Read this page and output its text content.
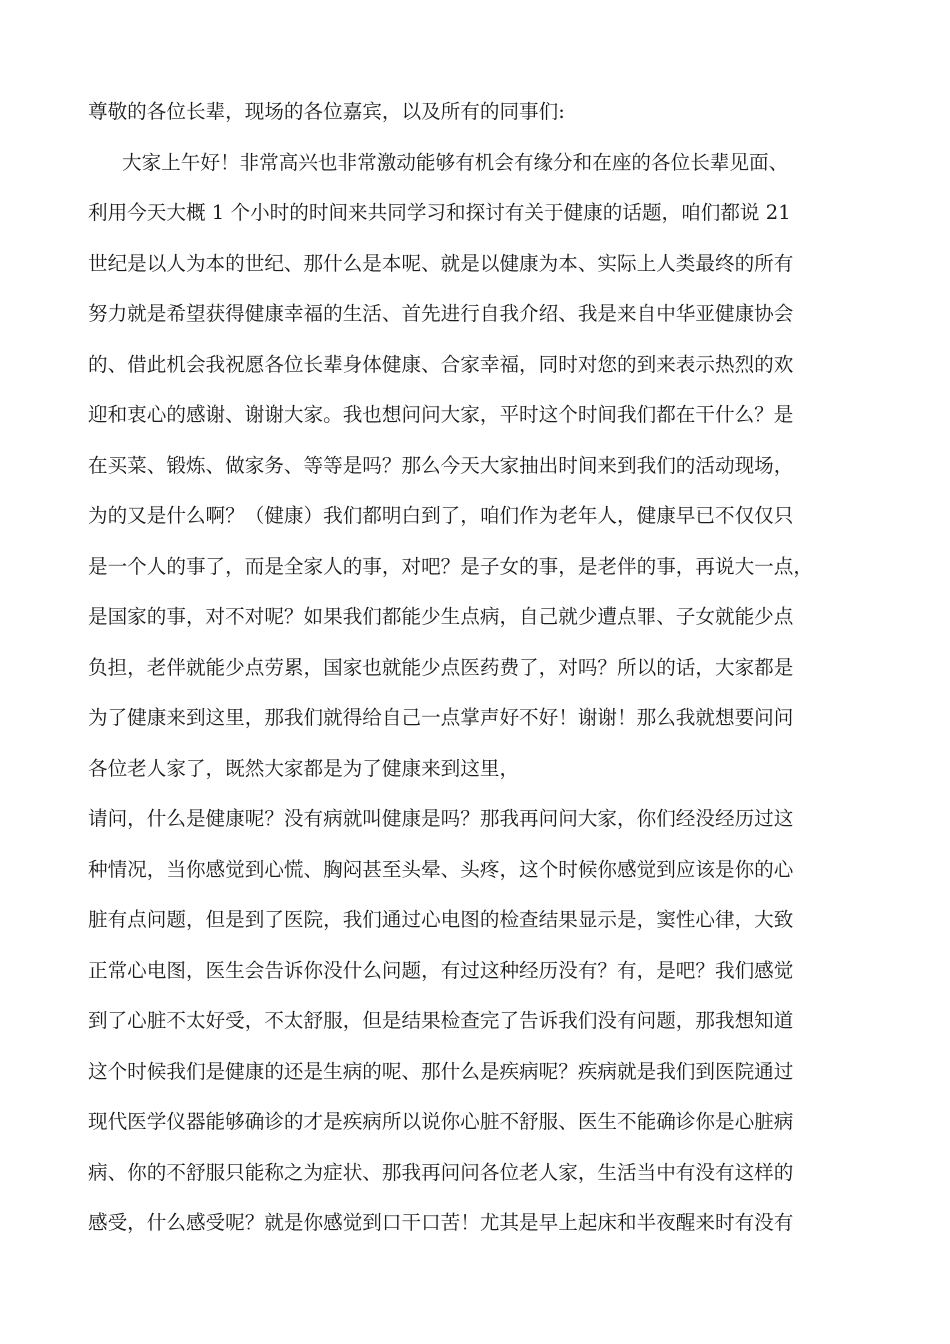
尊敬的各位长辈，现场的各位嘉宾，以及所有的同事们:

大家上午好！非常高兴也非常激动能够有机会有缘分和在座的各位长辈见面、

利用今天大概 1 个小时的时间来共同学习和探讨有关于健康的话题，咱们都说 21

世纪是以人为本的世纪、那什么是本呢、就是以健康为本、实际上人类最终的所有

努力就是希望获得健康幸福的生活、首先进行自我介绍、我是来自中华亚健康协会

的、借此机会我祝愿各位长辈身体健康、合家幸福，同时对您的到来表示热烈的欢

迎和衷心的感谢、谢谢大家。我也想问问大家，平时这个时间我们都在干什么？是

在买菜、锻炼、做家务、等等是吗？那么今天大家抽出时间来到我们的活动现场，

为的又是什么啊？（健康）我们都明白到了，咱们作为老年人，健康早已不仅仅只

是一个人的事了，而是全家人的事，对吧？是子女的事，是老伴的事，再说大一点，

是国家的事，对不对呢？如果我们都能少生点病，自己就少遭点罪、子女就能少点

负担，老伴就能少点劳累，国家也就能少点医药费了，对吗？所以的话，大家都是

为了健康来到这里，那我们就得给自己一点掌声好不好！谢谢！那么我就想要问问

各位老人家了，既然大家都是为了健康来到这里，

请问，什么是健康呢？没有病就叫健康是吗？那我再问问大家，你们经没经历过这

种情况，当你感觉到心慌、胸闷甚至头晕、头疼，这个时候你感觉到应该是你的心

脏有点问题，但是到了医院，我们通过心电图的检查结果显示是，窦性心律，大致

正常心电图，医生会告诉你没什么问题，有过这种经历没有？有，是吧？我们感觉

到了心脏不太好受，不太舒服，但是结果检查完了告诉我们没有问题，那我想知道

这个时候我们是健康的还是生病的呢、那什么是疾病呢？疾病就是我们到医院通过

现代医学仪器能够确诊的才是疾病所以说你心脏不舒服、医生不能确诊你是心脏病

病、你的不舒服只能称之为症状、那我再问问各位老人家，生活当中有没有这样的

感受，什么感受呢？就是你感觉到口干口苦！尤其是早上起床和半夜醒来时有没有
